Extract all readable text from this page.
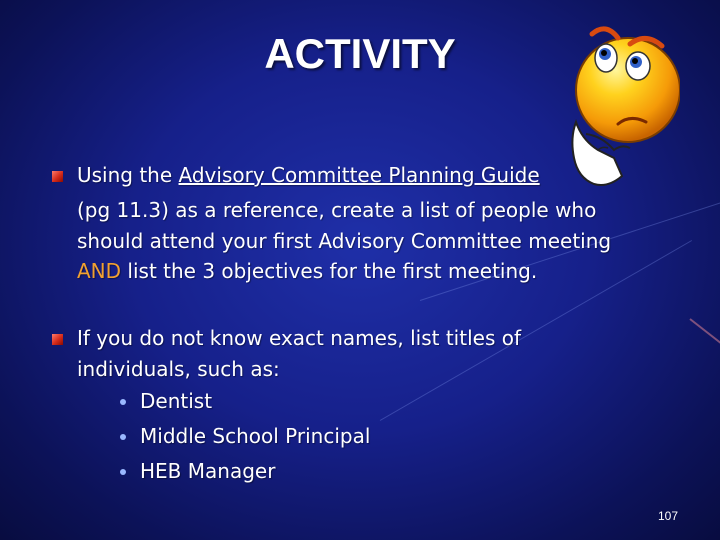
ACTIVITY
Using the Advisory Committee Planning Guide
(pg 11.3) as a reference, create a list of people who
should attend your first Advisory Committee meeting
AND list the 3 objectives for the first meeting.
If you do not know exact names, list titles of
individuals, such as:
Dentist
Middle School Principal
HEB Manager
107
